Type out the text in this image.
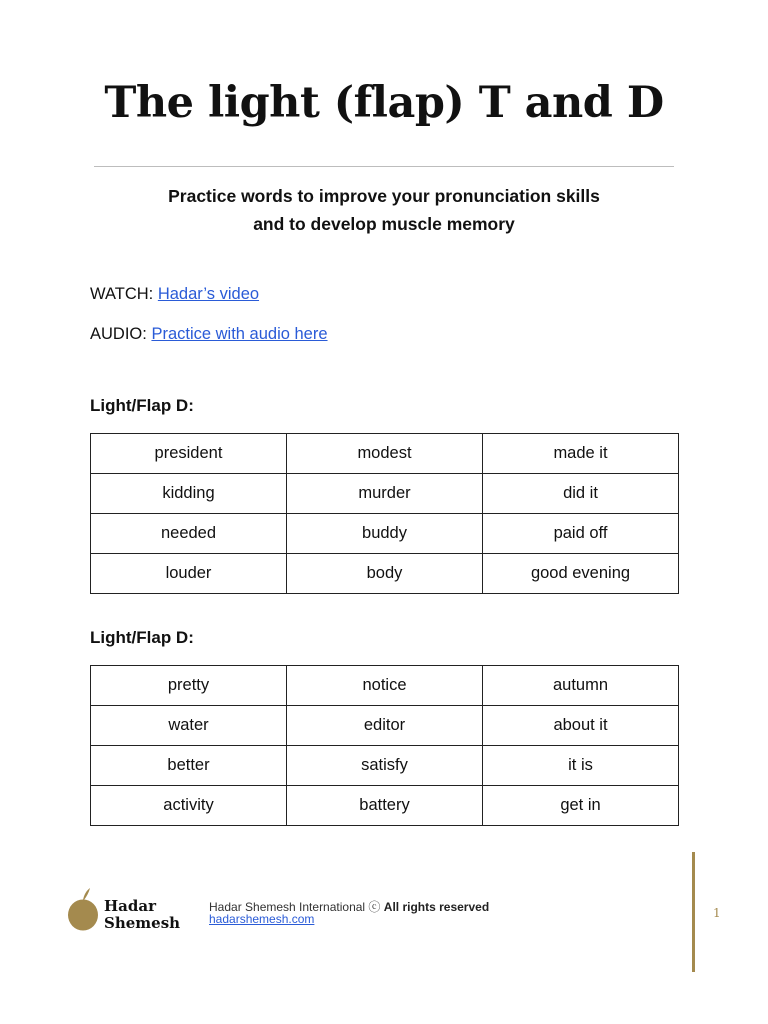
The light (flap) T and D
Practice words to improve your pronunciation skills
and to develop muscle memory
WATCH: Hadar’s video
AUDIO: Practice with audio here
Light/Flap D:
president	modest	made it
kidding	murder	did it
needed	buddy	paid off
louder	body	good evening
Light/Flap D:
pretty	notice	autumn
water	editor	about it
better	satisfy	it is
activity	battery	get in
Hadar
Shemesh
Hadar Shemesh International ⓒ All rights reserved
hadarshemesh.com	1
